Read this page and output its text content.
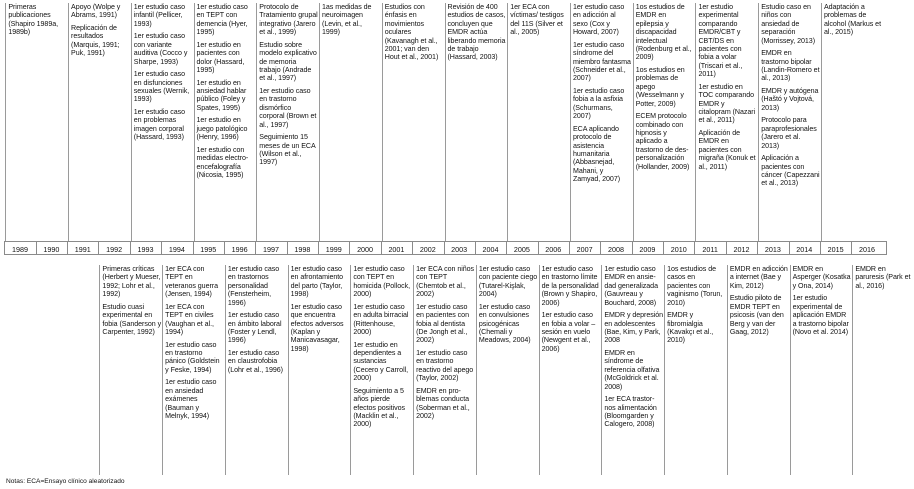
1989 1990 1991 1992 1993 1994 1995 1996 1997 1998 1999 2000 2001 2002 2003 2004 2005 2006 2007 2008 2009 2010 2011 2012 2013 2014 2015 2016
Primeras publicaciones (Shapiro 1989a, 1989b)
Apoyo (Wolpe y Abrams, 1991)
Replicación de resultados (Marquis, 1991; Puk, 1991)
1er estudio caso infantil (Pellicer, 1993)
1er estudio caso con variante auditiva (Cocco y Sharpe, 1993)
1er estudio caso en disfunciones sexuales (Wernik, 1993)
1er estudio caso en problemas imagen corporal (Hassard, 1993)
1er estudio caso en TEPT con demencia (Hyer, 1995)
1er estudio en pacientes con dolor (Hassard, 1995)
1er estudio en ansiedad hablar público (Foley y Spates, 1995)
1er estudio en juego patológico (Henry, 1996)
1er estudio con medidas electro-encefalografía (Nicosia, 1995)
Protocolo de Tratamiento grupal integrativo (Jarero et al., 1999)
Estudio sobre modelo explicativo de memoria trabajo (Andrade et al., 1997)
1er estudio caso en trastorno dismórfico corporal (Brown et al., 1997)
Seguimiento 15 meses de un ECA (Wilson et al., 1997)
1as medidas de neuroimagen (Levin, et al., 1999)
Estudios con énfasis en movimientos oculares (Kavanagh et al., 2001; van den Hout et al., 2001)
Revisión de 400 estudios de casos, concluyen que EMDR actúa liberando memoria de trabajo (Hassard, 2003)
1er ECA con víctimas/ testigos del 11S (Silver et al., 2005)
1er estudio caso en adicción al sexo (Cox y Howard, 2007)
1er estudio caso síndrome del miembro fantasma (Schneider et al., 2007)
1er estudio caso fobia a la asfixia (Schurmans, 2007)
ECA aplicando protocolo de asistencia humanitaria (Abbasnejad, Mahani, y Zamyad, 2007)
1os estudios de EMDR en epilepsia y discapacidad intelectual (Rodenburg et al., 2009)
1os estudios en problemas de apego (Wesselmann y Potter, 2009)
ECEM protocolo combinado con hipnosis y aplicado a trastorno de des-personalización (Hollander, 2009)
1er estudio experimental comparando EMDR/CBT y CBT/DS en pacientes con fobia a volar (Triscari et al., 2011)
1er estudio en TOC comparando EMDR y citalopram (Nazari et al., 2011)
Aplicación de EMDR en pacientes con migraña (Konuk et al., 2011)
Estudio caso en niños con ansiedad de separación (Morrissey, 2013)
EMDR en trastorno bipolar (Landin-Romero et al., 2013)
EMDR y autógena (Haštó y Vojtová, 2013)
Protocolo para paraprofesionales (Jarero et al. 2013)
Aplicación a pacientes con cáncer (Capezzani et al., 2013)
Adaptación a problemas de alcohol (Markus et al., 2015)
Primeras críticas (Herbert y Mueser, 1992; Lohr et al., 1992)
Estudio cuasi experimental en fobia (Sanderson y Carpenter, 1992)
1er ECA con TEPT en veteranos guerra (Jensen, 1994)
1er ECA con TEPT en civiles (Vaughan et al., 1994)
1er estudio caso en trastorno pánico (Goldstein y Feske, 1994)
1er estudio caso en ansiedad exámenes (Bauman y Melnyk, 1994)
1er estudio caso en trastornos personalidad (Fensterheim, 1996)
1er estudio caso en ámbito laboral (Foster y Lendl, 1996)
1er estudio caso en claustrofobia (Lohr et al., 1996)
1er estudio caso en afrontamiento del parto (Taylor, 1998)
1er estudio caso que encuentra efectos adversos (Kaplan y Manicavasagar, 1998)
1er estudio caso con TEPT en homicida (Pollock, 2000)
1er estudio caso en adulta birracial (Rittenhouse, 2000)
1er estudio en dependientes a sustancias (Cecero y Carroll, 2000)
Seguimiento a 5 años pierde efectos positivos (Macklin et al., 2000)
1er ECA con niños con TEPT (Chemtob et al., 2002)
1er estudio caso en pacientes con fobia al dentista (De Jongh et al., 2002)
1er estudio caso en trastorno reactivo del apego (Taylor, 2002)
EMDR en pro-blemas conducta (Soberman et al., 2002)
1er estudio caso con paciente ciego (Tutarel-Kişlak, 2004)
1er estudio caso en convulsiones psicogénicas (Chemali y Meadows, 2004)
1er estudio caso en trastorno límite de la personalidad (Brown y Shapiro, 2006)
1er estudio caso en fobia a volar – sesión en vuelo (Newgent et al., 2006)
1er estudio caso EMDR en ansie-dad generalizada (Gauvreau y Bouchard, 2008)
EMDR y depresión en adolescentes (Bae, Kim, y Park, 2008
EMDR en síndrome de referencia olfativa (McGoldrick et al. 2008)
1er ECA trastor-nos alimentación (Bloomgarden y Calogero, 2008)
1os estudios de casos en pacientes con vaginismo (Torun, 2010)
EMDR y fibromialgia (Kavakçı et al., 2010)
EMDR en adicción a internet (Bae y Kim, 2012)
Estudio piloto de EMDR TEPT en psicosis (van den Berg y van der Gaag, 2012)
EMDR en Asperger (Kosatka y Ona, 2014)
1er estudio experimental de aplicación EMDR a trastorno bipolar (Novo et al. 2014)
EMDR en paruresis (Park et al., 2016)
Notas: ECA=Ensayo clínico aleatorizado
